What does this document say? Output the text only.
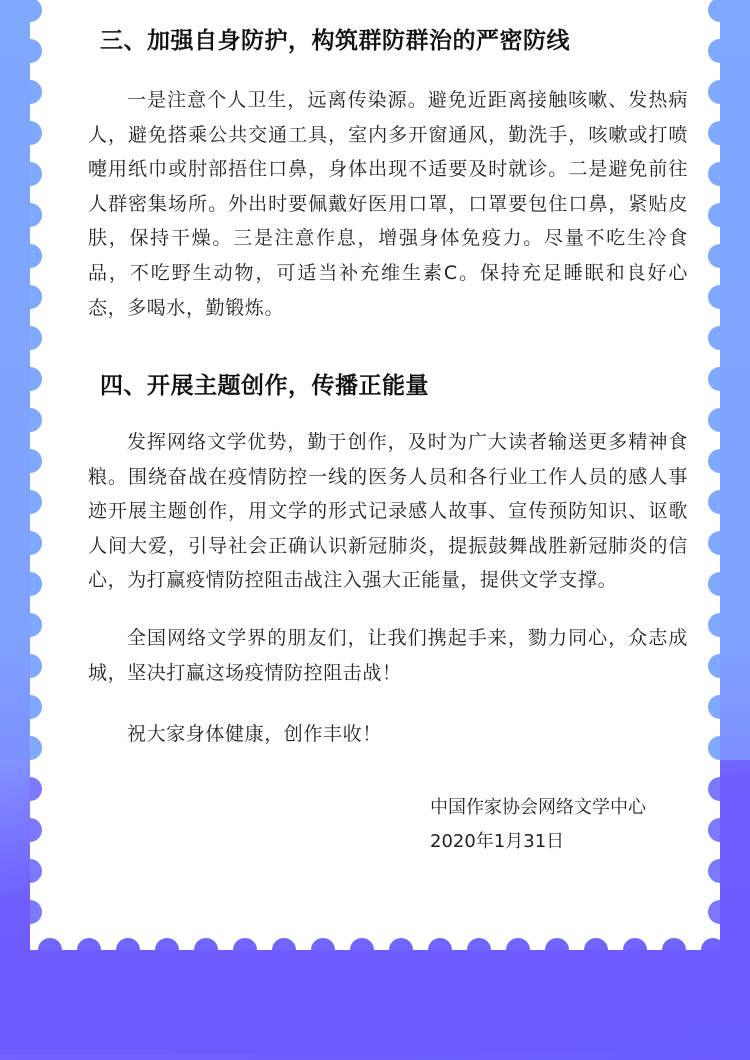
三、加强自身防护，构筑群防群治的严密防线
一是注意个人卫生，远离传染源。避免近距离接触咳嗽、发热病人，避免搭乘公共交通工具，室内多开窗通风，勤洗手，咳嗽或打喷嚏用纸巾或肘部捂住口鼻，身体出现不适要及时就诊。二是避免前往人群密集场所。外出时要佩戴好医用口罩，口罩要包住口鼻，紧贴皮肤，保持干燥。三是注意作息，增强身体免疫力。尽量不吃生冷食品，不吃野生动物，可适当补充维生素C。保持充足睡眠和良好心态，多喝水，勤锻炼。
四、开展主题创作，传播正能量
发挥网络文学优势，勤于创作，及时为广大读者输送更多精神食粮。围绕奋战在疫情防控一线的医务人员和各行业工作人员的感人事迹开展主题创作，用文学的形式记录感人故事、宣传预防知识、讴歌人间大爱，引导社会正确认识新冠肺炎，提振鼓舞战胜新冠肺炎的信心，为打赢疫情防控阻击战注入强大正能量，提供文学支撑。
全国网络文学界的朋友们，让我们携起手来，勠力同心，众志成城，坚决打赢这场疫情防控阻击战！
祝大家身体健康，创作丰收！
中国作家协会网络文学中心
2020年1月31日
